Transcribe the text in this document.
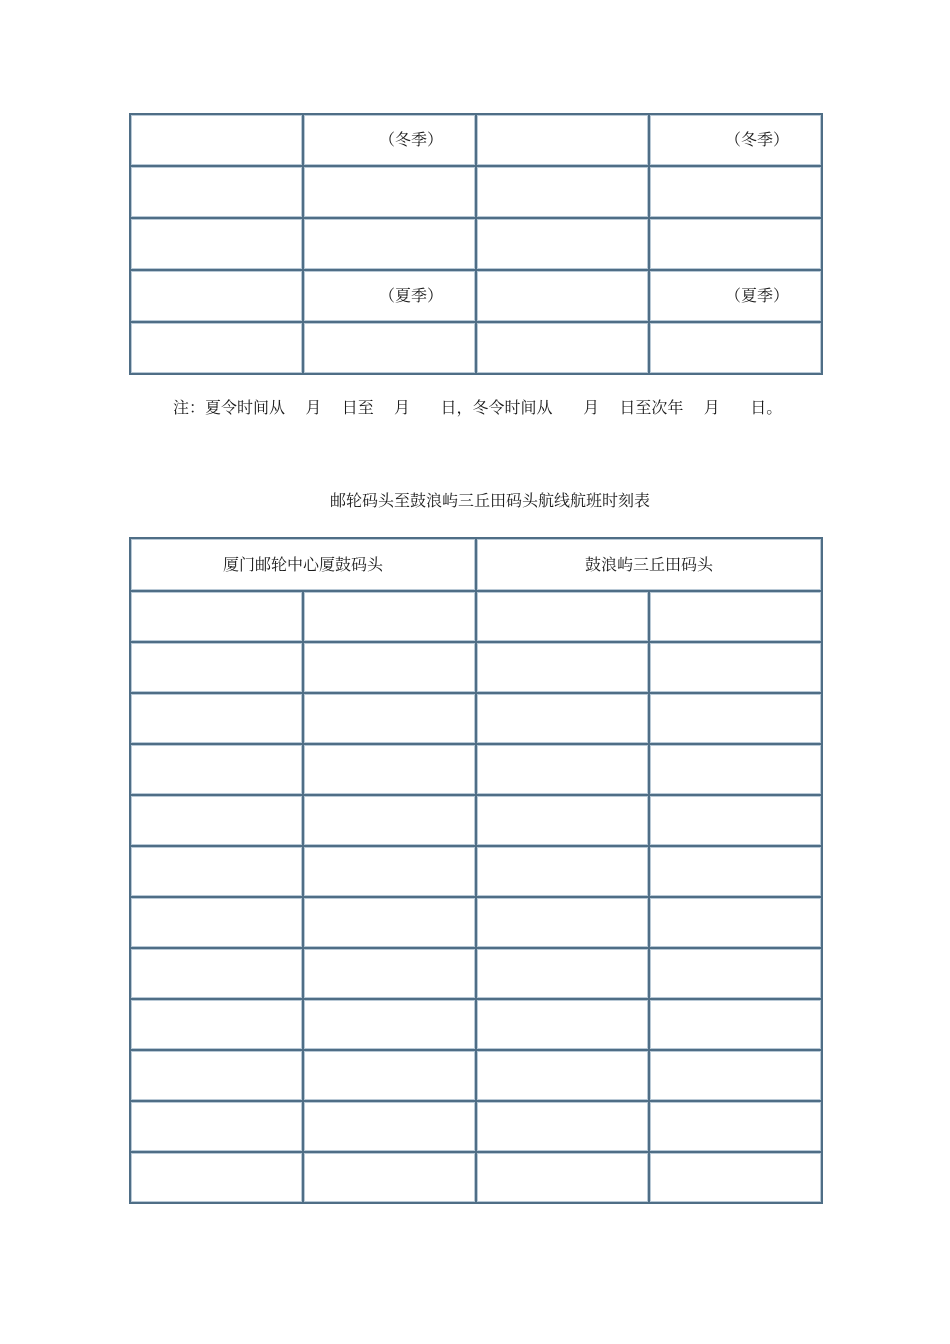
	（冬季）		（冬季）

	（夏季）		（夏季）

注：夏令时间从    月    日至    月      日，冬令时间从      月    日至次年    月      日。
邮轮码头至鼓浪屿三丘田码头航线航班时刻表
厦门邮轮中心厦鼓码头		鼓浪屿三丘田码头	
